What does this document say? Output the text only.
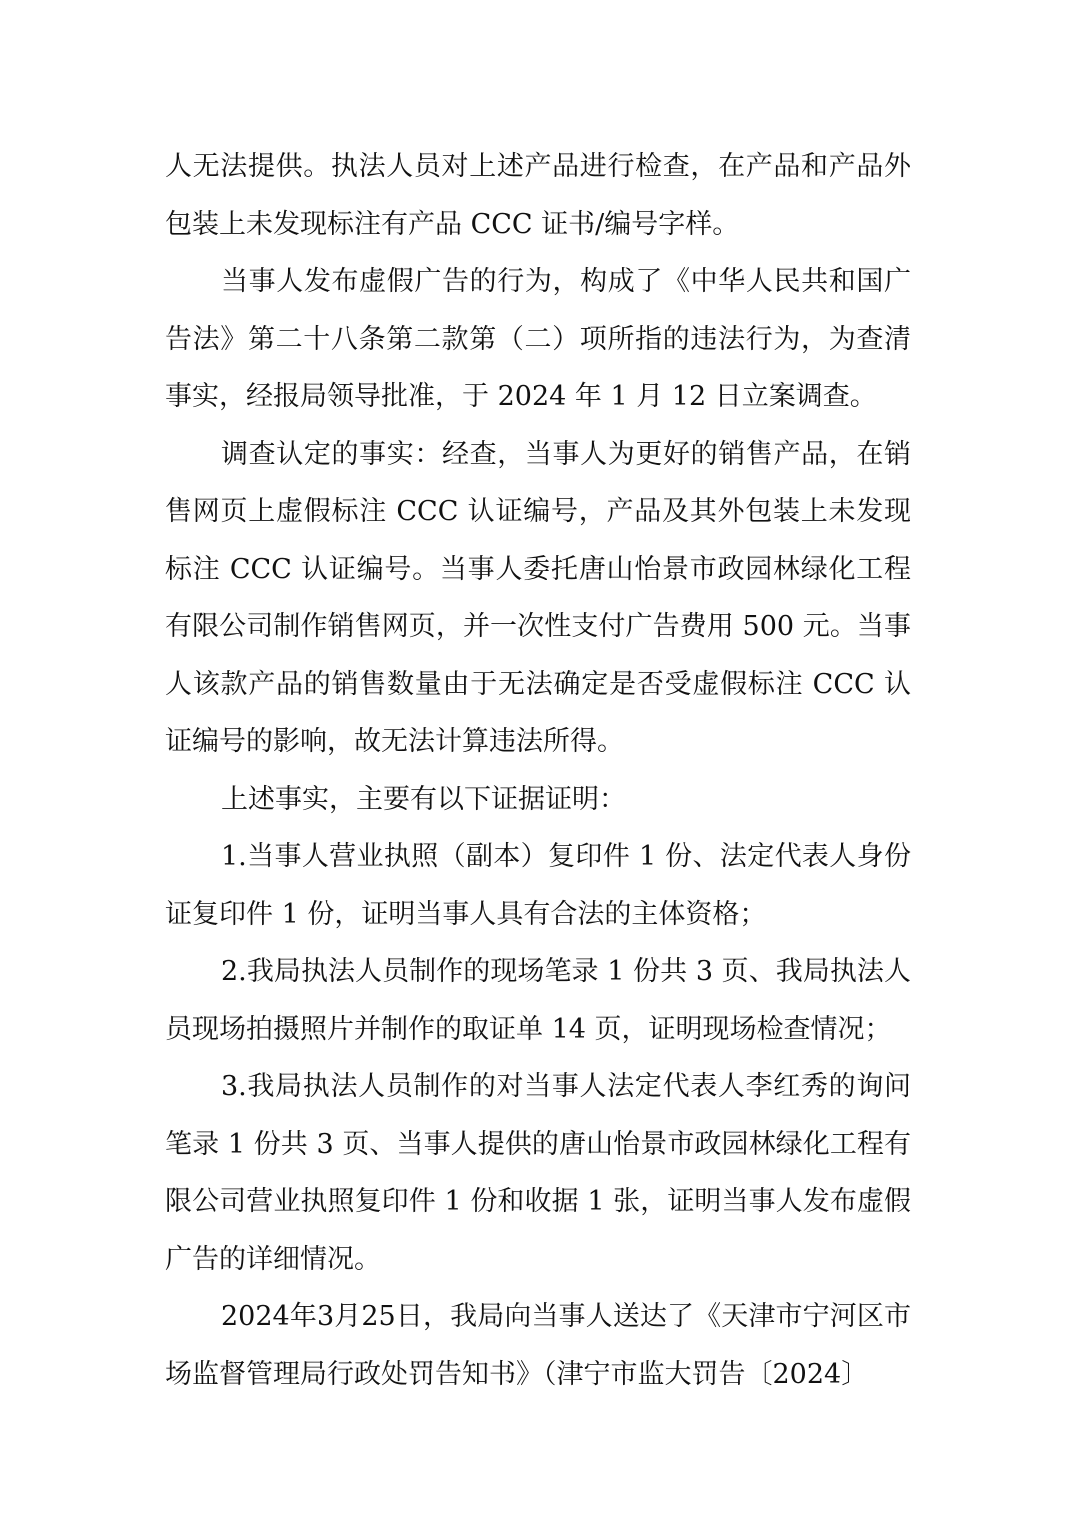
人无法提供。执法人员对上述产品进行检查，在产品和产品外包装上未发现标注有产品 CCC 证书/编号字样。

当事人发布虚假广告的行为，构成了《中华人民共和国广告法》第二十八条第二款第（二）项所指的违法行为，为查清事实，经报局领导批准，于 2024 年 1 月 12 日立案调查。

调查认定的事实：经查，当事人为更好的销售产品，在销售网页上虚假标注 CCC 认证编号，产品及其外包装上未发现标注 CCC 认证编号。当事人委托唐山怡景市政园林绿化工程有限公司制作销售网页，并一次性支付广告费用 500 元。当事人该款产品的销售数量由于无法确定是否受虚假标注 CCC 认证编号的影响，故无法计算违法所得。

上述事实，主要有以下证据证明：

1.当事人营业执照（副本）复印件 1 份、法定代表人身份证复印件 1 份，证明当事人具有合法的主体资格；

2.我局执法人员制作的现场笔录 1 份共 3 页、我局执法人员现场拍摄照片并制作的取证单 14 页，证明现场检查情况；

3.我局执法人员制作的对当事人法定代表人李红秀的询问笔录 1 份共 3 页、当事人提供的唐山怡景市政园林绿化工程有限公司营业执照复印件 1 份和收据 1 张，证明当事人发布虚假广告的详细情况。

2024年3月25日，我局向当事人送达了《天津市宁河区市场监督管理局行政处罚告知书》（津宁市监大罚告〔2024〕
